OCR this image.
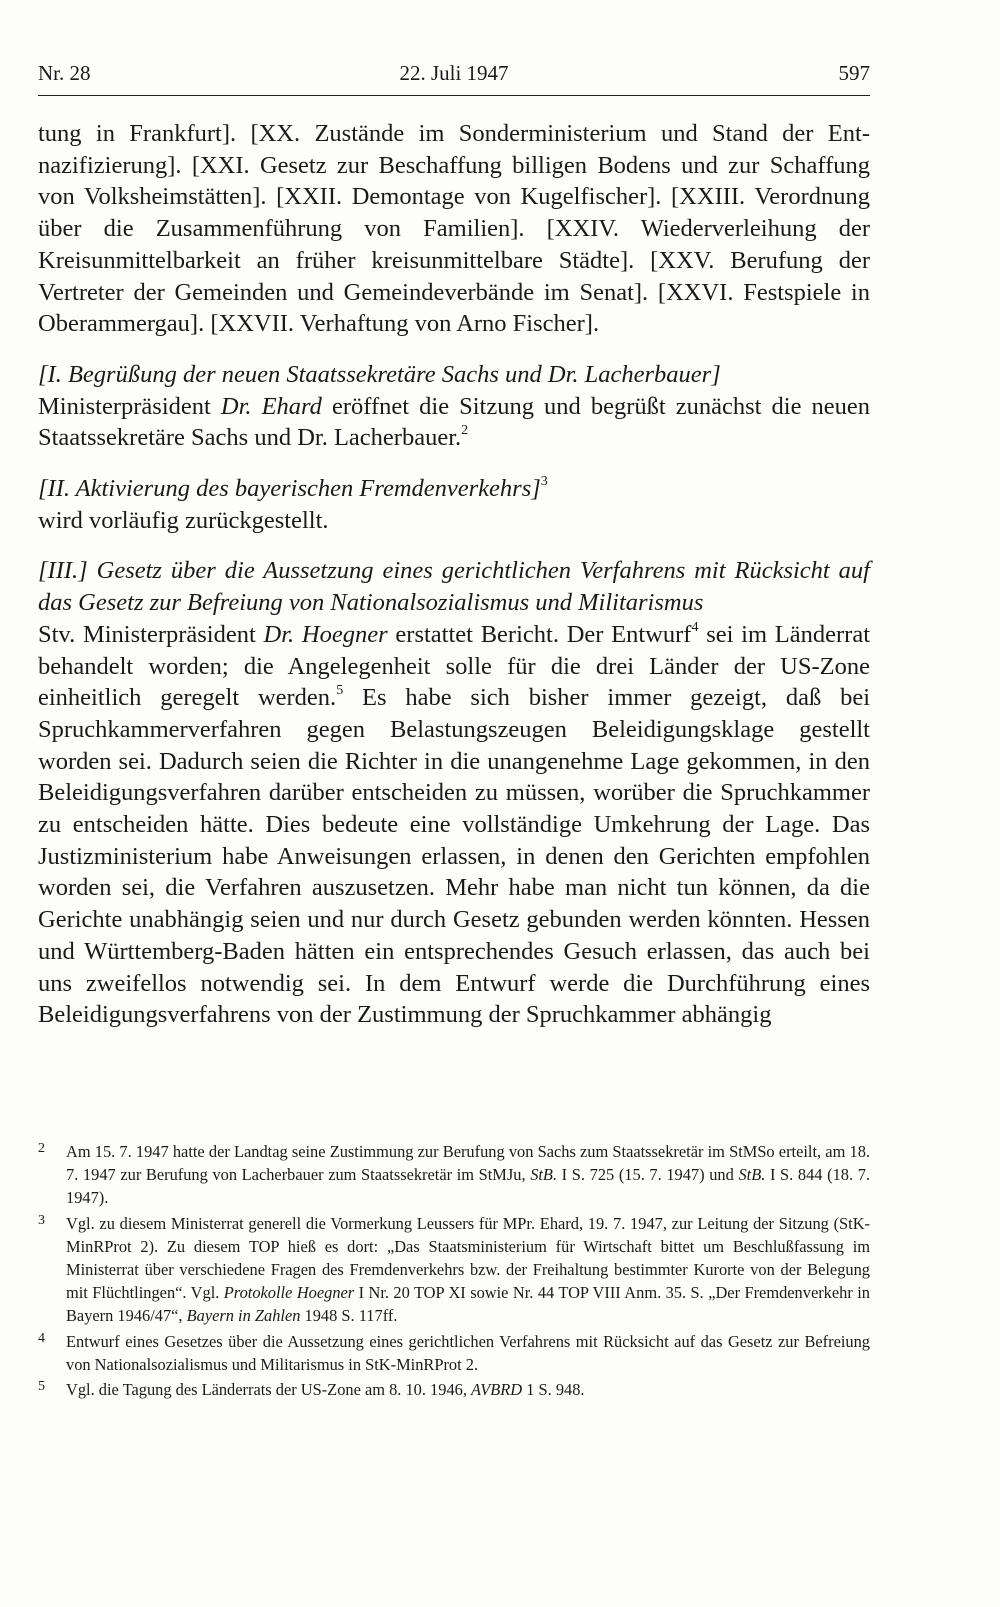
Nr. 28	22. Juli 1947	597

tung in Frankfurt]. [XX. Zustände im Sonderministerium und Stand der Entnazifizierung]. [XXI. Gesetz zur Beschaffung billigen Bodens und zur Schaffung von Volksheimstätten]. [XXII. Demontage von Kugelfischer]. [XXIII. Verordnung über die Zusammenführung von Familien]. [XXIV. Wiederverleihung der Kreisunmittelbarkeit an früher kreisunmittelbare Städte]. [XXV. Berufung der Vertreter der Gemeinden und Gemeindeverbände im Senat]. [XXVI. Festspiele in Oberammergau]. [XXVII. Verhaftung von Arno Fischer].

[I. Begrüßung der neuen Staatssekretäre Sachs und Dr. Lacherbauer]

Ministerpräsident Dr. Ehard eröffnet die Sitzung und begrüßt zunächst die neuen Staatssekretäre Sachs und Dr. Lacherbauer.$^2$

[II. Aktivierung des bayerischen Fremdenverkehrs]$^3$

wird vorläufig zurückgestellt.

[III.] Gesetz über die Aussetzung eines gerichtlichen Verfahrens mit Rücksicht auf das Gesetz zur Befreiung von Nationalsozialismus und Militarismus

Stv. Ministerpräsident Dr. Hoegner erstattet Bericht. Der Entwurf$^4$ sei im Länderrat behandelt worden; die Angelegenheit solle für die drei Länder der US-Zone einheitlich geregelt werden.$^5$ Es habe sich bisher immer gezeigt, daß bei Spruchkammerverfahren gegen Belastungszeugen Beleidigungsklage gestellt worden sei. Dadurch seien die Richter in die unangenehme Lage gekommen, in den Beleidigungsverfahren darüber entscheiden zu müssen, worüber die Spruchkammer zu entscheiden hätte. Dies bedeute eine vollständige Umkehrung der Lage. Das Justizministerium habe Anweisungen erlassen, in denen den Gerichten empfohlen worden sei, die Verfahren auszusetzen. Mehr habe man nicht tun können, da die Gerichte unabhängig seien und nur durch Gesetz gebunden werden könnten. Hessen und Württemberg-Baden hätten ein entsprechendes Gesuch erlassen, das auch bei uns zweifellos notwendig sei. In dem Entwurf werde die Durchführung eines Beleidigungsverfahrens von der Zustimmung der Spruchkammer abhängig

2 Am 15. 7. 1947 hatte der Landtag seine Zustimmung zur Berufung von Sachs zum Staatssekretär im StMSo erteilt, am 18. 7. 1947 zur Berufung von Lacherbauer zum Staatssekretär im StMJu, StB. I S. 725 (15. 7. 1947) und StB. I S. 844 (18. 7. 1947).
3 Vgl. zu diesem Ministerrat generell die Vormerkung Leussers für MPr. Ehard, 19. 7. 1947, zur Leitung der Sitzung (StK-MinRProt 2). Zu diesem TOP hieß es dort: „Das Staatsministerium für Wirtschaft bittet um Beschlußfassung im Ministerrat über verschiedene Fragen des Fremdenverkehrs bzw. der Freihaltung bestimmter Kurorte von der Belegung mit Flüchtlingen“. Vgl. Protokolle Hoegner I Nr. 20 TOP XI sowie Nr. 44 TOP VIII Anm. 35. S. „Der Fremdenverkehr in Bayern 1946/47“, Bayern in Zahlen 1948 S. 117ff.
4 Entwurf eines Gesetzes über die Aussetzung eines gerichtlichen Verfahrens mit Rücksicht auf das Gesetz zur Befreiung von Nationalsozialismus und Militarismus in StK-MinRProt 2.
5 Vgl. die Tagung des Länderrats der US-Zone am 8. 10. 1946, AVBRD 1 S. 948.
